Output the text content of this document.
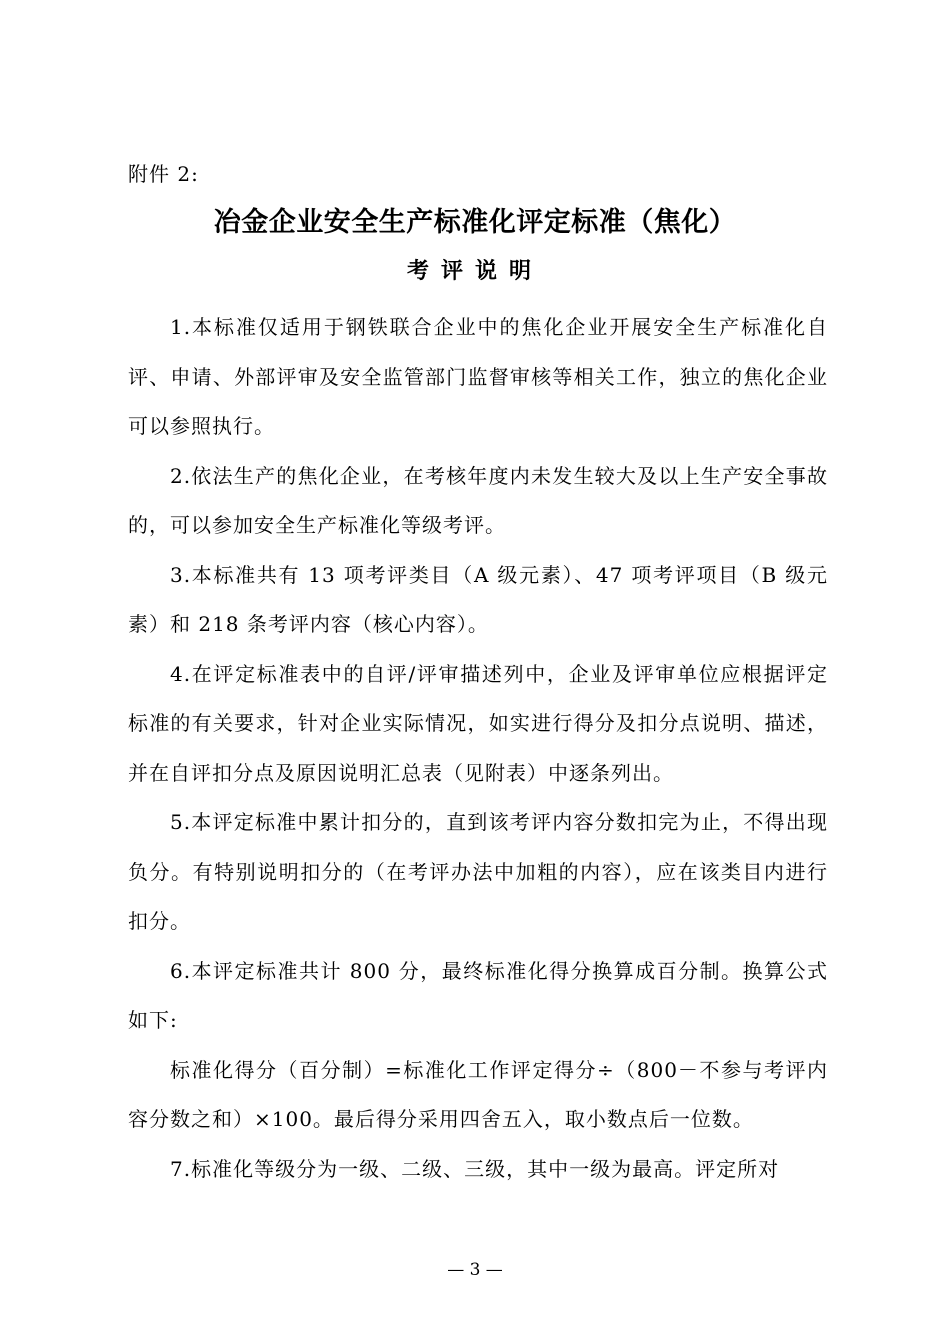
附件 2:
冶金企业安全生产标准化评定标准（焦化）
考评说明

1.本标准仅适用于钢铁联合企业中的焦化企业开展安全生产标准化自评、申请、外部评审及安全监管部门监督审核等相关工作，独立的焦化企业可以参照执行。

2.依法生产的焦化企业，在考核年度内未发生较大及以上生产安全事故的，可以参加安全生产标准化等级考评。

3.本标准共有 13 项考评类目（A 级元素）、47 项考评项目（B 级元素）和 218 条考评内容（核心内容）。

4.在评定标准表中的自评/评审描述列中，企业及评审单位应根据评定标准的有关要求，针对企业实际情况，如实进行得分及扣分点说明、描述，并在自评扣分点及原因说明汇总表（见附表）中逐条列出。

5.本评定标准中累计扣分的，直到该考评内容分数扣完为止，不得出现负分。有特别说明扣分的（在考评办法中加粗的内容），应在该类目内进行扣分。

6.本评定标准共计 800 分，最终标准化得分换算成百分制。换算公式如下:

标准化得分（百分制）=标准化工作评定得分÷（800－不参与考评内容分数之和）×100。最后得分采用四舍五入，取小数点后一位数。

7.标准化等级分为一级、二级、三级，其中一级为最高。评定所对

— 3 —
